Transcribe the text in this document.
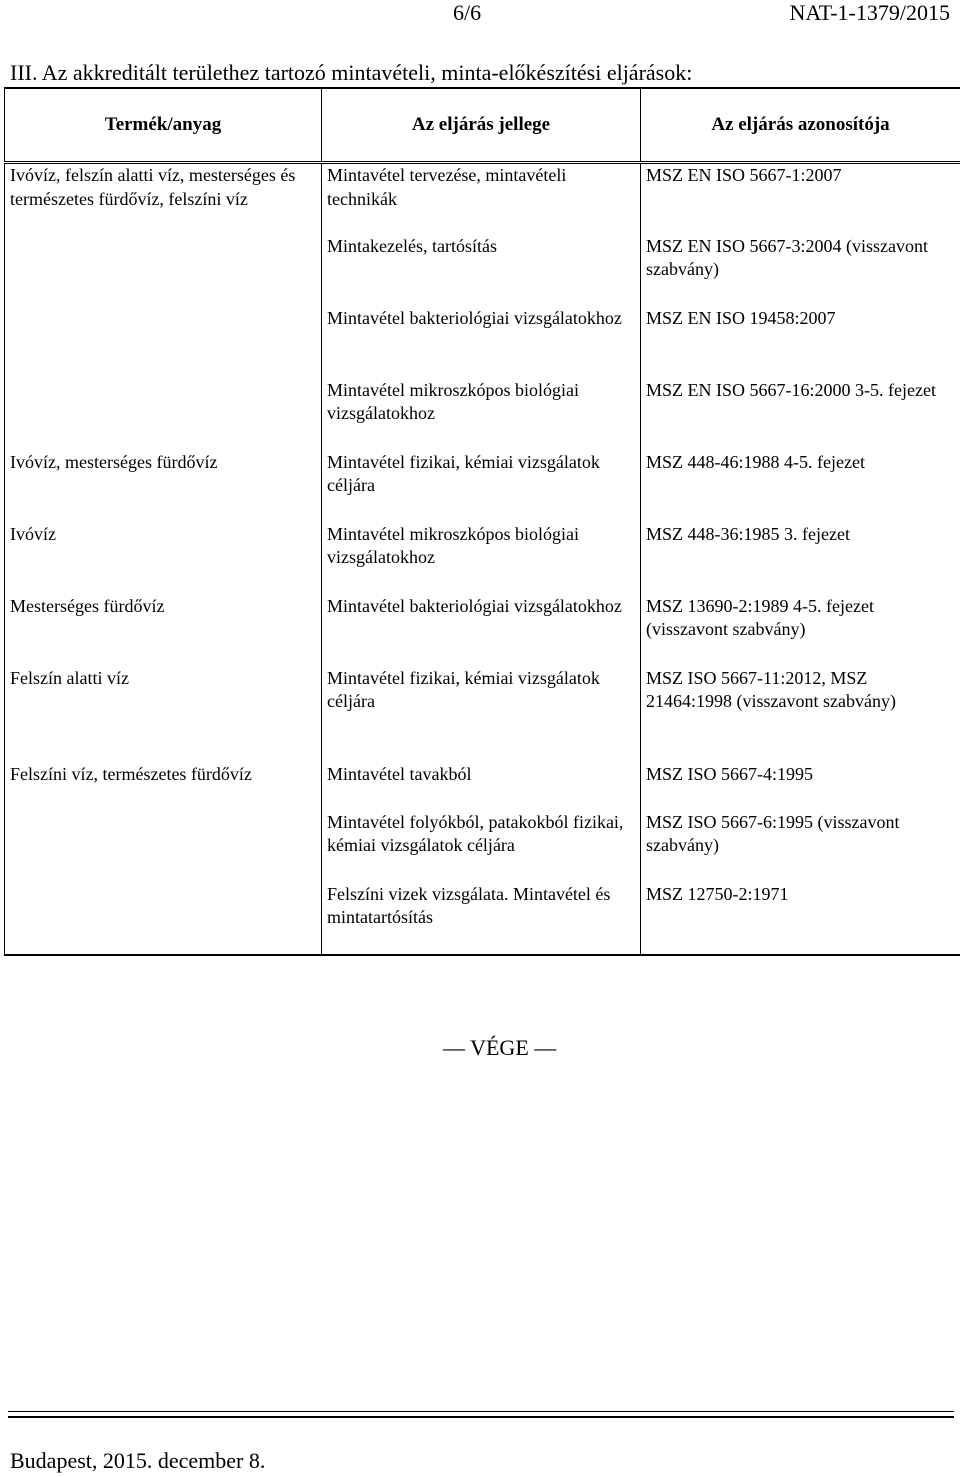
6/6	NAT-1-1379/2015
III. Az akkreditált területhez tartozó mintavételi, minta-előkészítési eljárások:
Termék/anyag	Az eljárás jellege	Az eljárás azonosítója

Ivóvíz, felszín alatti víz, mesterséges és természetes fürdővíz, felszíni víz	Mintavétel tervezése, mintavételi technikák	MSZ EN ISO 5667-1:2007

	Mintakezelés, tartósítás	MSZ EN ISO 5667-3:2004 (visszavont szabvány)

	Mintavétel bakteriológiai vizsgálatokhoz	MSZ EN ISO 19458:2007

	Mintavétel mikroszkópos biológiai vizsgálatokhoz	MSZ EN ISO 5667-16:2000 3-5. fejezet

Ivóvíz, mesterséges fürdővíz	Mintavétel fizikai, kémiai vizsgálatok céljára	MSZ 448-46:1988 4-5. fejezet

Ivóvíz	Mintavétel mikroszkópos biológiai vizsgálatokhoz	MSZ 448-36:1985 3. fejezet

Mesterséges fürdővíz	Mintavétel bakteriológiai vizsgálatokhoz	MSZ 13690-2:1989 4-5. fejezet (visszavont szabvány)

Felszín alatti víz	Mintavétel fizikai, kémiai vizsgálatok céljára	MSZ ISO 5667-11:2012, MSZ 21464:1998 (visszavont szabvány)

Felszíni víz, természetes fürdővíz	Mintavétel tavakból	MSZ ISO 5667-4:1995

	Mintavétel folyókból, patakokból fizikai, kémiai vizsgálatok céljára	MSZ ISO 5667-6:1995 (visszavont szabvány)

	Felszíni vizek vizsgálata. Mintavétel és mintatartósítás	MSZ 12750-2:1971
— VÉGE —
Budapest, 2015. december 8.
